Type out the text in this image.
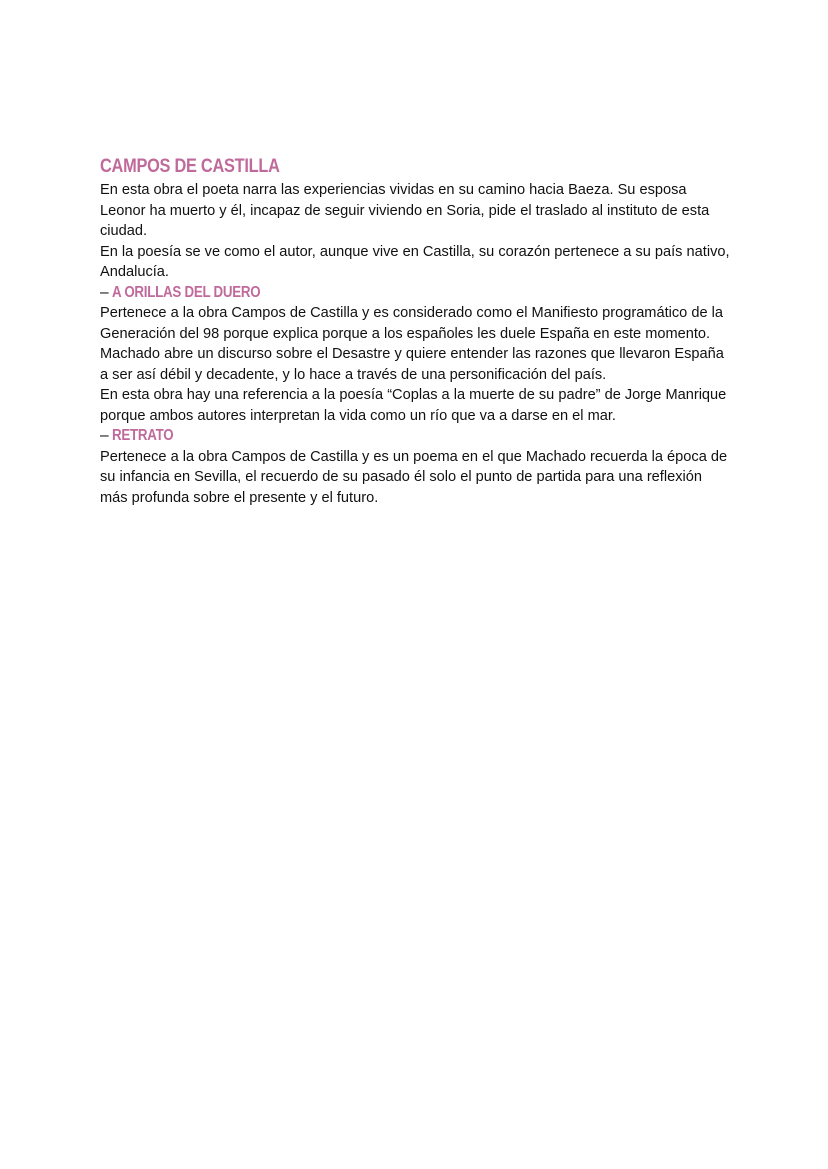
CAMPOS DE CASTILLA

En esta obra el poeta narra las experiencias vividas en su camino hacia Baeza. Su esposa Leonor ha muerto y él, incapaz de seguir viviendo en Soria, pide el traslado al instituto de esta ciudad.

En la poesía se ve como el autor, aunque vive en Castilla, su corazón pertenece a su país nativo, Andalucía.

– A ORILLAS DEL DUERO

Pertenece a la obra Campos de Castilla y es considerado como el Manifiesto programático de la Generación del 98 porque explica porque a los españoles les duele España en este momento.

Machado abre un discurso sobre el Desastre y quiere entender las razones que llevaron España a ser así débil y decadente, y lo hace a través de una personificación del país.

En esta obra hay una referencia a la poesía “Coplas a la muerte de su padre” de Jorge Manrique porque ambos autores interpretan la vida como un río que va a darse en el mar.

– RETRATO

Pertenece a la obra Campos de Castilla y es un poema en el que Machado recuerda la época de su infancia en Sevilla, el recuerdo de su pasado él solo el punto de partida para una reflexión más profunda sobre el presente y el futuro.
